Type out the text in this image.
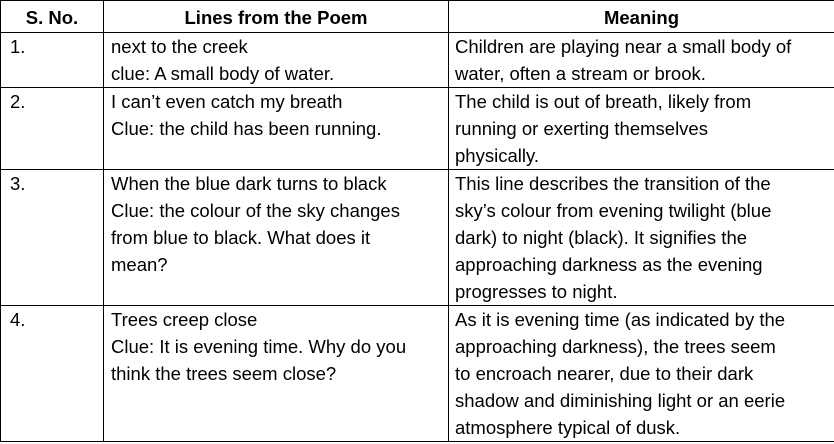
S. No.	Lines from the Poem	Meaning
1.	next to the creek
clue: A small body of water.	Children are playing near a small body of
water, often a stream or brook.

2.	I can’t even catch my breath
Clue: the child has been running.	The child is out of breath, likely from
running or exerting themselves
physically.

3.	When the blue dark turns to black
Clue: the colour of the sky changes
from blue to black. What does it
mean?	This line describes the transition of the
sky’s colour from evening twilight (blue
dark) to night (black). It signifies the
approaching darkness as the evening
progresses to night.

4.	Trees creep close
Clue: It is evening time. Why do you
think the trees seem close?	As it is evening time (as indicated by the
approaching darkness), the trees seem
to encroach nearer, due to their dark
shadow and diminishing light or an eerie
atmosphere typical of dusk.
